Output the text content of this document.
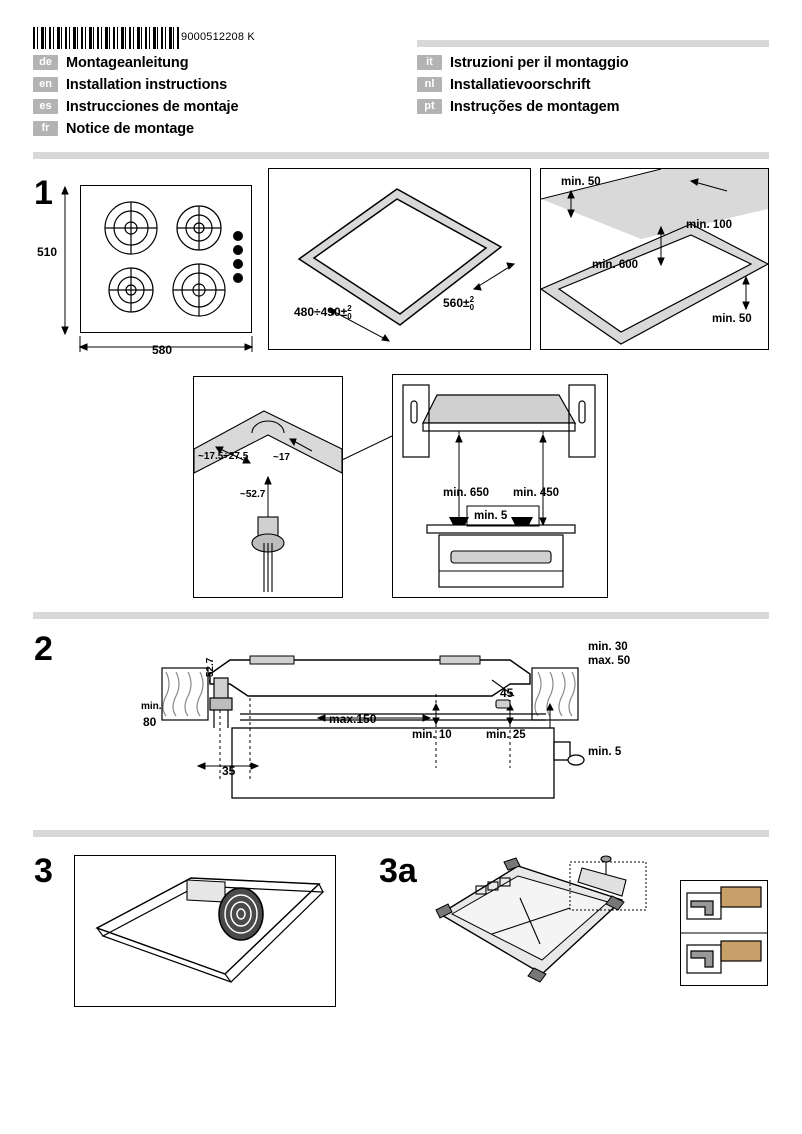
9000512208 K
de Montageanleitung
en Installation instructions
es Instrucciones de montaje
fr	Notice de montage
it	Istruzioni per il montaggio
nl	Installatievoorschrift
pt	Instruções de montagem
1
510
580
480÷490± 2
0
560± 2
0
min. 50
min. 100
min. 600
min. 50
~17.5÷27.5 ~17
~52.7	min. 650 min. 450
min. 5
2	min. 30
max. 50
min.
80
~52.7
max.150
45
min. 10	min. 25
min. 5
35
3	3a
